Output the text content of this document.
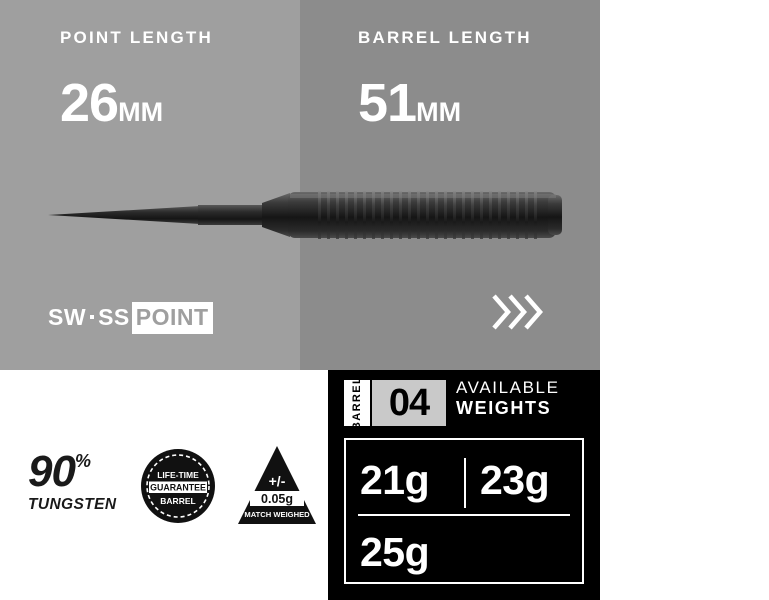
POINT LENGTH
26MM
SW SS POINT
BARREL LENGTH
51MM
RADIAL
GROOVED
GRIP
90%
TUNGSTEN
LIFE-TIME
GUARANTEE
BARREL
+/-
0.05g
MATCH WEIGHED
BARREL 04	AVAILABLE
WEIGHTS
21g 23g
25g
